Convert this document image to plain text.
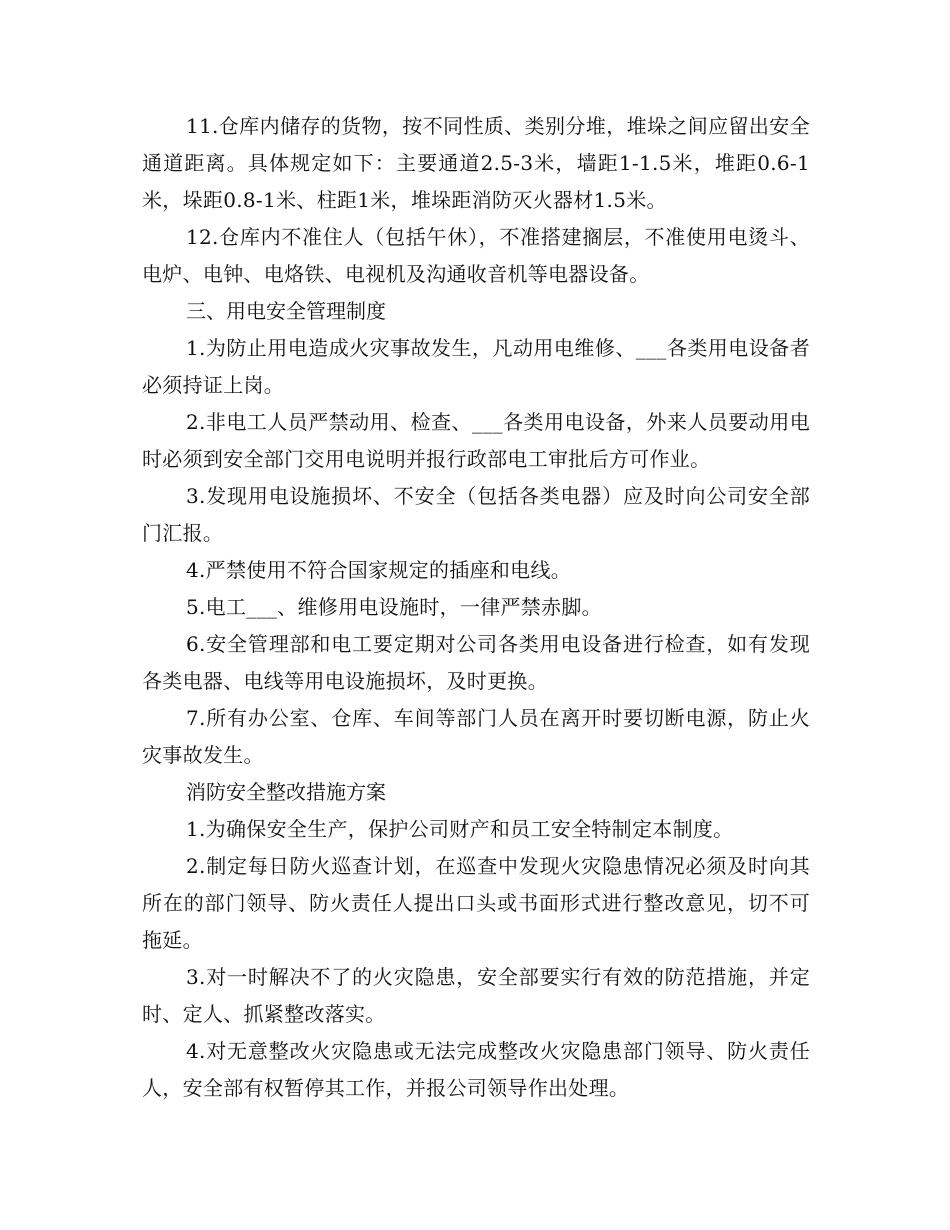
11.仓库内储存的货物，按不同性质、类别分堆，堆垛之间应留出安全通道距离。具体规定如下：主要通道2.5-3米，墙距1-1.5米，堆距0.6-1米，垛距0.8-1米、柱距1米，堆垛距消防灭火器材1.5米。

12.仓库内不准住人（包括午休），不准搭建搁层，不准使用电烫斗、电炉、电钟、电烙铁、电视机及沟通收音机等电器设备。

三、用电安全管理制度

1.为防止用电造成火灾事故发生，凡动用电维修、___各类用电设备者必须持证上岗。

2.非电工人员严禁动用、检查、___各类用电设备，外来人员要动用电时必须到安全部门交用电说明并报行政部电工审批后方可作业。

3.发现用电设施损坏、不安全（包括各类电器）应及时向公司安全部门汇报。

4.严禁使用不符合国家规定的插座和电线。

5.电工___、维修用电设施时，一律严禁赤脚。

6.安全管理部和电工要定期对公司各类用电设备进行检查，如有发现各类电器、电线等用电设施损坏，及时更换。

7.所有办公室、仓库、车间等部门人员在离开时要切断电源，防止火灾事故发生。

消防安全整改措施方案

1.为确保安全生产，保护公司财产和员工安全特制定本制度。

2.制定每日防火巡查计划，在巡查中发现火灾隐患情况必须及时向其所在的部门领导、防火责任人提出口头或书面形式进行整改意见，切不可拖延。

3.对一时解决不了的火灾隐患，安全部要实行有效的防范措施，并定时、定人、抓紧整改落实。

4.对无意整改火灾隐患或无法完成整改火灾隐患部门领导、防火责任人，安全部有权暂停其工作，并报公司领导作出处理。
